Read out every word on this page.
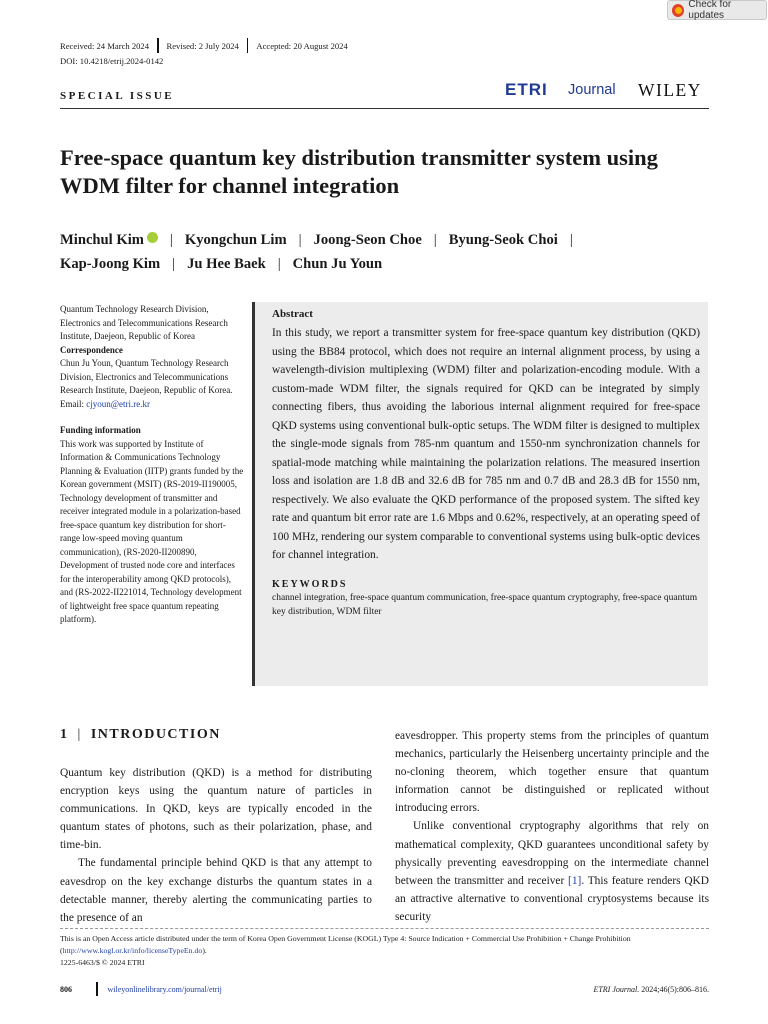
Check for updates
Received: 24 March 2024	Revised: 2 July 2024	Accepted: 20 August 2024
DOI: 10.4218/etrij.2024-0142
SPECIAL ISSUE	ETRI Journal WILEY
Free-space quantum key distribution transmitter system using WDM filter for channel integration
Minchul Kim | Kyongchun Lim | Joong-Seon Choe | Byung-Seok Choi |
Kap-Joong Kim | Ju Hee Baek | Chun Ju Youn

Quantum Technology Research Division, Electronics and Telecommunications Research Institute, Daejeon, Republic of Korea

Correspondence

Chun Ju Youn, Quantum Technology Research Division, Electronics and Telecommunications Research Institute, Daejeon, Republic of Korea.

Email: cjyoun@etri.re.kr

Funding information

This work was supported by Institute of Information & Communications Technology Planning & Evaluation (IITP) grants funded by the Korean government (MSIT) (RS-2019-II190005, Technology development of transmitter and receiver integrated module in a polarization-based free-space quantum key distribution for short-range low-speed moving quantum communication), (RS-2020-II200890, Development of trusted node core and interfaces for the interoperability among QKD protocols), and (RS-2022-II221014, Technology development of lightweight free space quantum repeating platform).

Abstract

In this study, we report a transmitter system for free-space quantum key distribution (QKD) using the BB84 protocol, which does not require an internal alignment process, by using a wavelength-division multiplexing (WDM) filter and polarization-encoding module. With a custom-made WDM filter, the signals required for QKD can be integrated by simply connecting fibers, thus avoiding the laborious internal alignment required for free-space QKD systems using conventional bulk-optic setups. The WDM filter is designed to multiplex the single-mode signals from 785-nm quantum and 1550-nm synchronization channels for spatial-mode matching while maintaining the polarization relations. The measured insertion loss and isolation are 1.8 dB and 32.6 dB for 785 nm and 0.7 dB and 28.3 dB for 1550 nm, respectively. We also evaluate the QKD performance of the proposed system. The sifted key rate and quantum bit error rate are 1.6 Mbps and 0.62%, respectively, at an operating speed of 100 MHz, rendering our system comparable to conventional systems using bulk-optic devices for channel integration.

KEYWORDS

channel integration, free-space quantum communication, free-space quantum cryptography, free-space quantum key distribution, WDM filter

1 | INTRODUCTION

Quantum key distribution (QKD) is a method for distributing encryption keys using the quantum nature of particles in communications. In QKD, keys are typically encoded in the quantum states of photons, such as their polarization, phase, and time-bin.

The fundamental principle behind QKD is that any attempt to eavesdrop on the key exchange disturbs the quantum states in a detectable manner, thereby alerting the communicating parties to the presence of an

eavesdropper. This property stems from the principles of quantum mechanics, particularly the Heisenberg uncertainty principle and the no-cloning theorem, which together ensure that quantum information cannot be distinguished or replicated without introducing errors.

Unlike conventional cryptography algorithms that rely on mathematical complexity, QKD guarantees unconditional safety by physically preventing eavesdropping on the intermediate channel between the transmitter and receiver [1]. This feature renders QKD an attractive alternative to conventional cryptosystems because its security

This is an Open Access article distributed under the term of Korea Open Government License (KOGL) Type 4: Source Indication + Commercial Use Prohibition + Change Prohibition (http://www.kogl.or.kr/info/licenseTypeEn.do).
1225-6463/$ © 2024 ETRI
806	wileyonlinelibrary.com/journal/etrij	ETRI Journal. 2024;46(5):806–816.
